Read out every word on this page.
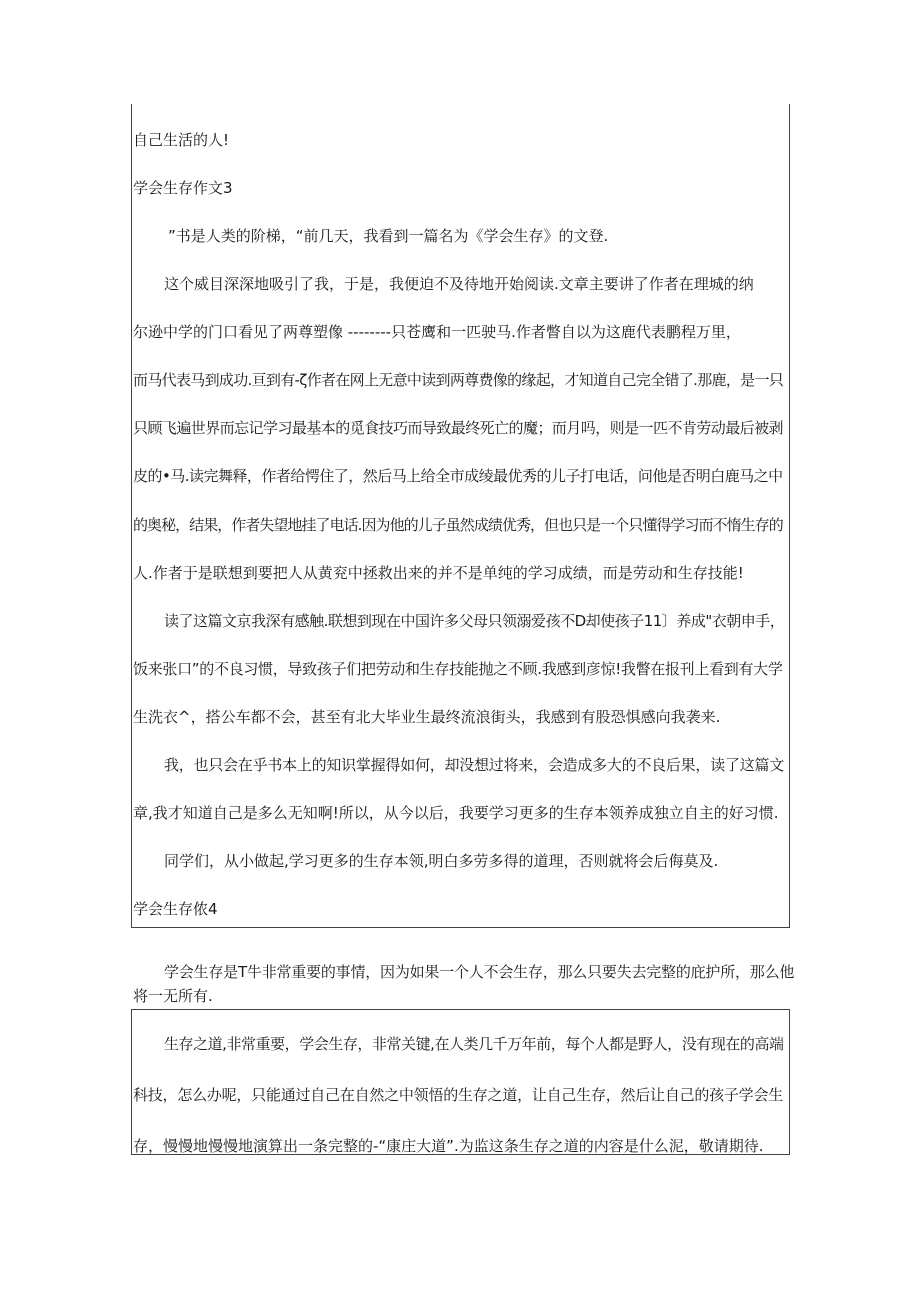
自己生活的人!
学会生存作文3
”书是人类的阶梯，“前几天，我看到一篇名为《学会生存》的文登.
这个威目深深地吸引了我，于是，我便迫不及待地开始阅读.文章主要讲了作者在理城的纳
尔逊中学的门口看见了两尊塑像 --------只苍鹰和一匹驶马.作者瞥自以为这鹿代表鹏程万里，
而马代表马到成功.亘到有-ζ作者在网上无意中读到两尊费像的缘起，才知道自己完全错了.那鹿，是一只
只顾飞遍世界而忘记学习最基本的觅食技巧而导致最终死亡的魔；而月吗，则是一匹不肯劳动最后被剥
皮的•马.读完舞释，作者给愕住了，然后马上给全市成绫最优秀的儿子打电话，问他是否明白鹿马之中
的奥秘，结果，作者失望地挂了电话.因为他的儿子虽然成绩优秀，但也只是一个只懂得学习而不惰生存的
人.作者于是联想到要把人从黄兖中拯救出来的并不是单纯的学习成绩，而是劳动和生存技能!
读了这篇文京我深有感触.联想到现在中国许多父母只领溺爱孩不D却使孩子11〕养成"衣朝申手，
饭来张口”的不良习惯，导致孩子们把劳动和生存技能抛之不顾.我感到彦惊!我瞥在报刊上看到有大学
生洗衣^，搭公车都不会，甚至有北大毕业生最终流浪街头，我感到有股恐惧感向我袭来.
我，也只会在乎书本上的知识掌握得如何，却没想过将来，会造成多大的不良后果，读了这篇文
章,我才知道自己是多么无知啊!所以，从今以后，我要学习更多的生存本领养成独立自主的好习惯.
同学们，从小做起,学习更多的生存本领,明白多劳多得的道理，否则就将会后侮莫及.
学会生存侬4
学会生存是T牛非常重要的事情，因为如果一个人不会生存，那么只要失去完整的庇护所，那么他
将一无所有.
生存之道,非常重要，学会生存，非常关键,在人类几千万年前，每个人都是野人，没有现在的高端
科技，怎么办呢，只能通过自己在自然之中领悟的生存之道，让自己生存，然后让自己的孩子学会生
存，慢慢地慢慢地演算出一条完整的-“康庄大道”.为监这条生存之道的内容是什么泥，敬请期待.
